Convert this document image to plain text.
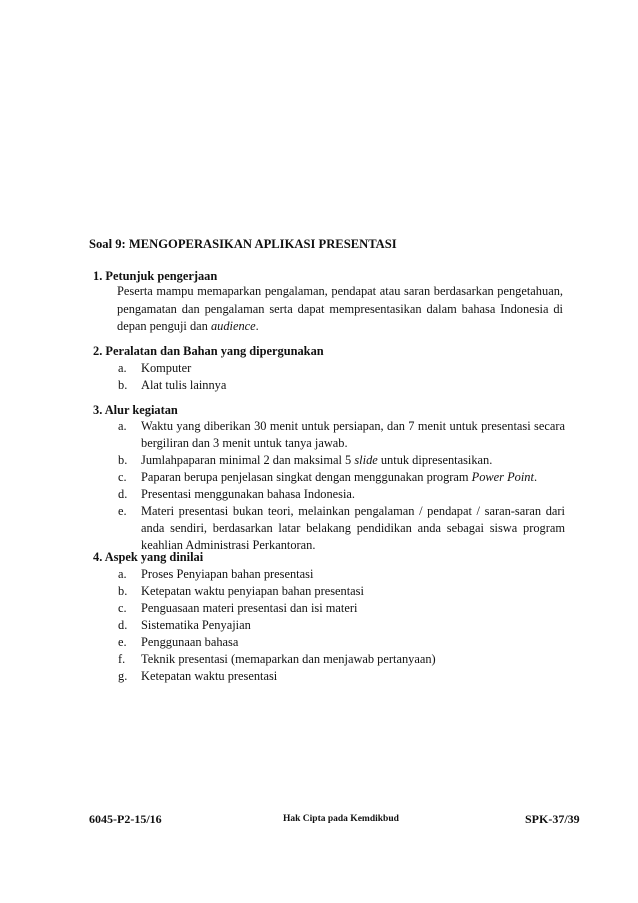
Soal 9: MENGOPERASIKAN APLIKASI PRESENTASI
1. Petunjuk pengerjaan
Peserta mampu memaparkan pengalaman, pendapat atau saran berdasarkan pengetahuan, pengamatan dan pengalaman serta dapat mempresentasikan dalam bahasa Indonesia di depan penguji dan audience.
2. Peralatan dan Bahan yang dipergunakan
a. Komputer
b. Alat tulis lainnya
3. Alur kegiatan
a. Waktu yang diberikan 30 menit untuk persiapan, dan 7 menit untuk presentasi secara bergiliran dan 3 menit untuk tanya jawab.
b. Jumlahpaparan minimal 2 dan maksimal 5 slide untuk dipresentasikan.
c. Paparan berupa penjelasan singkat dengan menggunakan program Power Point.
d. Presentasi menggunakan bahasa Indonesia.
e. Materi presentasi bukan teori, melainkan pengalaman / pendapat / saran-saran dari anda sendiri, berdasarkan latar belakang pendidikan anda sebagai siswa program keahlian Administrasi Perkantoran.
4. Aspek yang dinilai
a. Proses Penyiapan bahan presentasi
b. Ketepatan waktu penyiapan bahan presentasi
c. Penguasaan materi presentasi dan isi materi
d. Sistematika Penyajian
e. Penggunaan bahasa
f. Teknik presentasi (memaparkan dan menjawab pertanyaan)
g. Ketepatan waktu presentasi
6045-P2-15/16	Hak Cipta pada Kemdikbud	SPK-37/39
